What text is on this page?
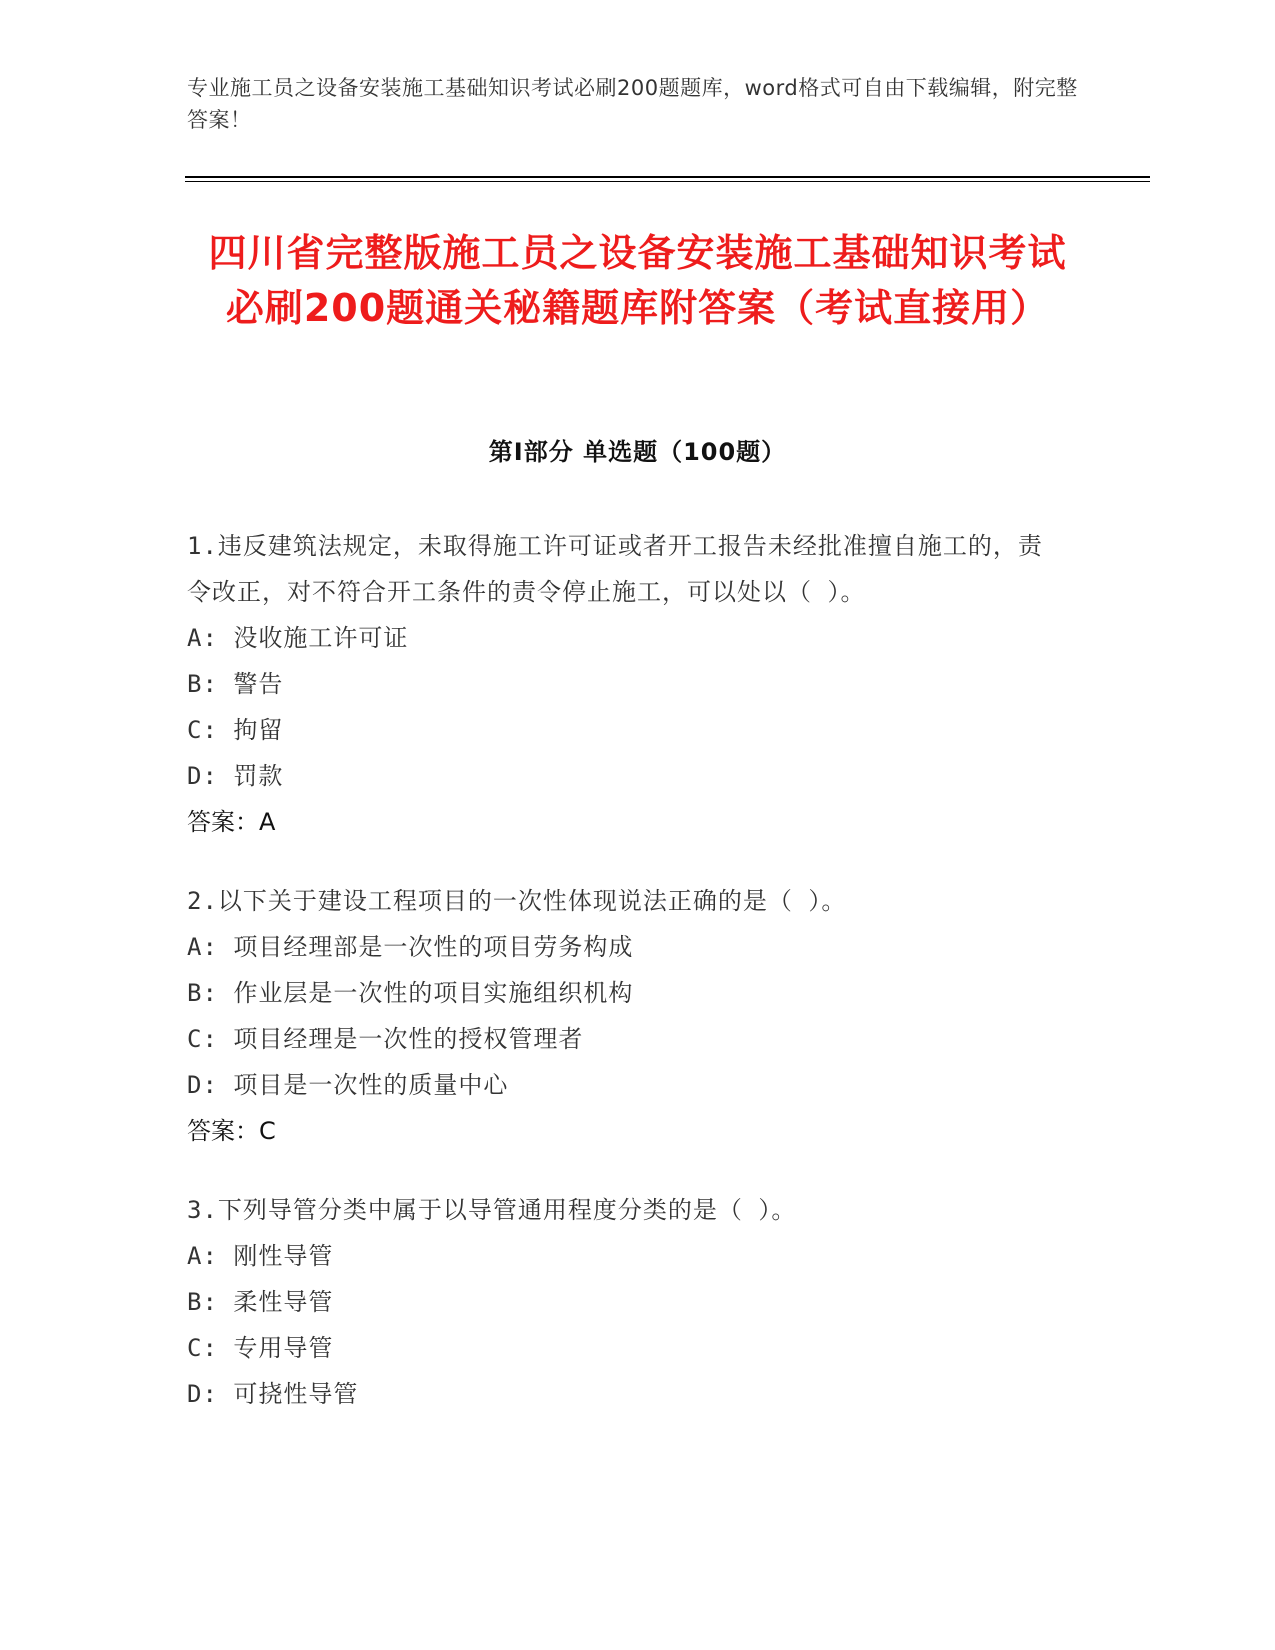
专业施工员之设备安装施工基础知识考试必刷200题题库，word格式可自由下载编辑，附完整答案！
四川省完整版施工员之设备安装施工基础知识考试必刷200题通关秘籍题库附答案（考试直接用）
第I部分 单选题（100题）
1.违反建筑法规定，未取得施工许可证或者开工报告未经批准擅自施工的，责令改正，对不符合开工条件的责令停止施工，可以处以（ ）。
A: 没收施工许可证
B: 警告
C: 拘留
D: 罚款
答案：A
2.以下关于建设工程项目的一次性体现说法正确的是（ ）。
A: 项目经理部是一次性的项目劳务构成
B: 作业层是一次性的项目实施组织机构
C: 项目经理是一次性的授权管理者
D: 项目是一次性的质量中心
答案：C
3.下列导管分类中属于以导管通用程度分类的是（ ）。
A: 刚性导管
B: 柔性导管
C: 专用导管
D: 可挠性导管
